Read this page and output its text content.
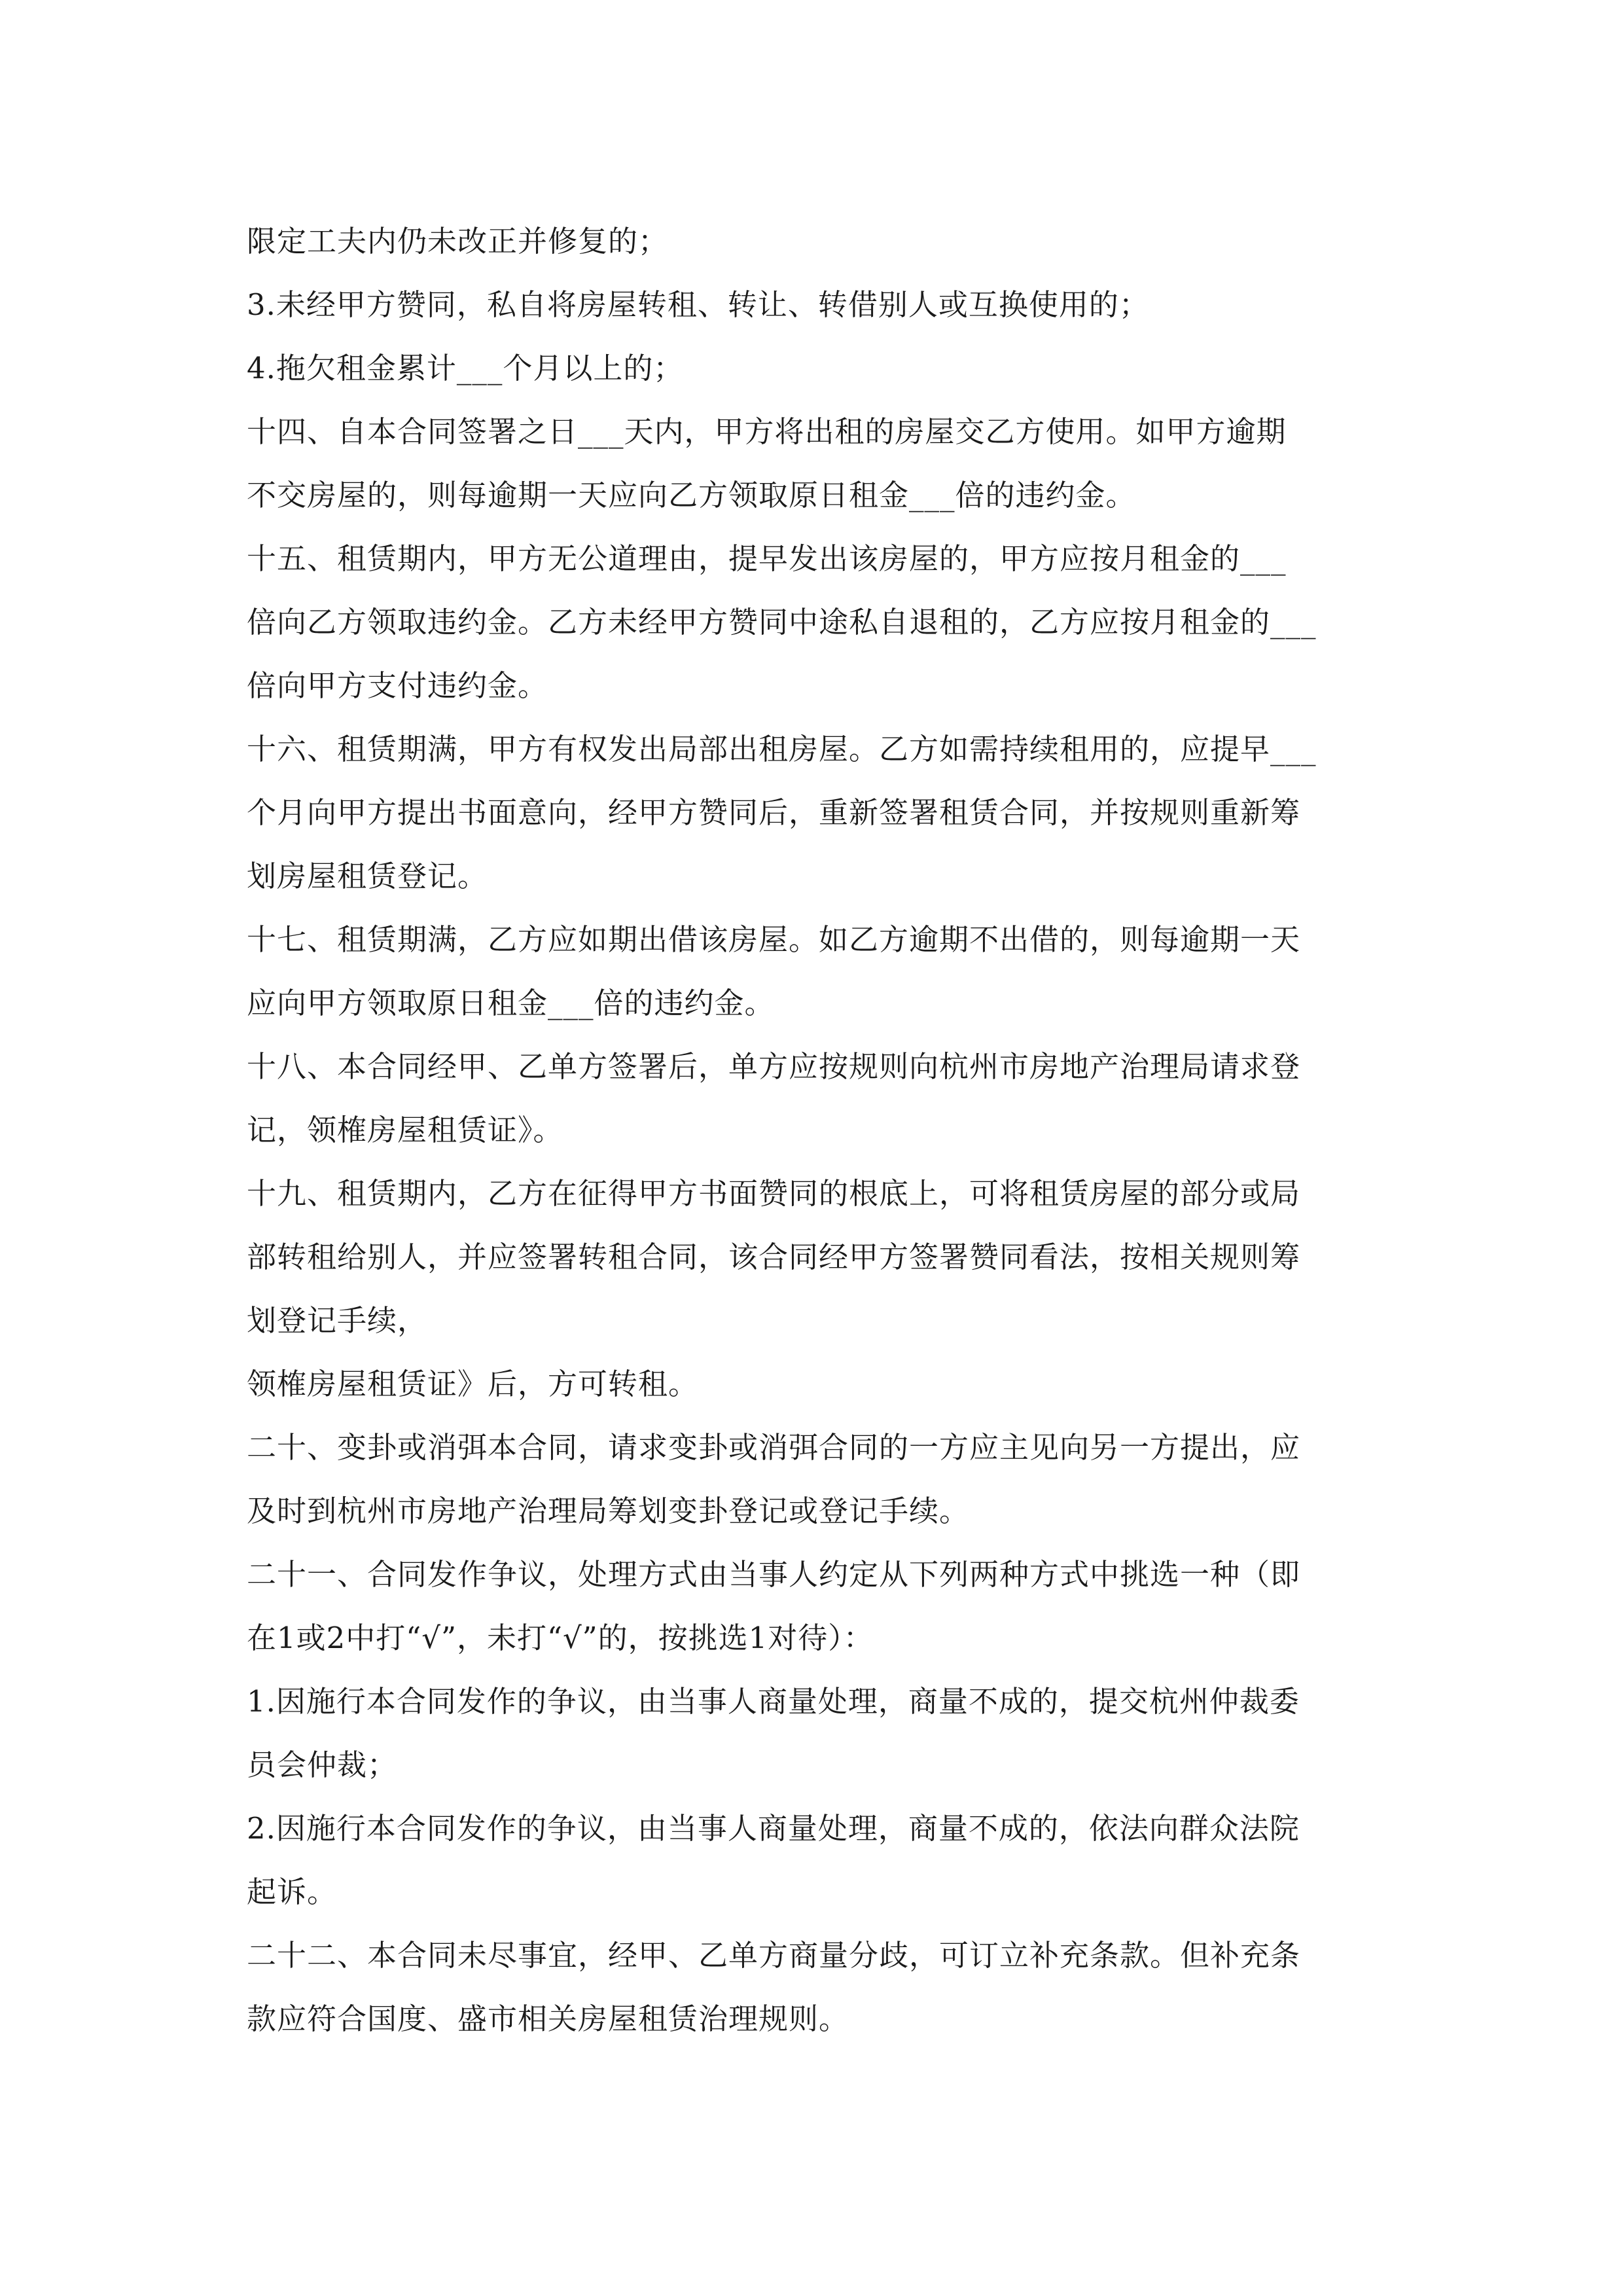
限定工夫内仍未改正并修复的；
3.未经甲方赞同，私自将房屋转租、转让、转借别人或互换使用的；
4.拖欠租金累计___个月以上的；
十四、自本合同签署之日___天内，甲方将出租的房屋交乙方使用。如甲方逾期
不交房屋的，则每逾期一天应向乙方领取原日租金___倍的违约金。
十五、租赁期内，甲方无公道理由，提早发出该房屋的，甲方应按月租金的___
倍向乙方领取违约金。乙方未经甲方赞同中途私自退租的，乙方应按月租金的___
倍向甲方支付违约金。
十六、租赁期满，甲方有权发出局部出租房屋。乙方如需持续租用的，应提早___
个月向甲方提出书面意向，经甲方赞同后，重新签署租赁合同，并按规则重新筹
划房屋租赁登记。
十七、租赁期满，乙方应如期出借该房屋。如乙方逾期不出借的，则每逾期一天
应向甲方领取原日租金___倍的违约金。
十八、本合同经甲、乙单方签署后，单方应按规则向杭州市房地产治理局请求登
记，领榷房屋租赁证》。
十九、租赁期内，乙方在征得甲方书面赞同的根底上，可将租赁房屋的部分或局
部转租给别人，并应签署转租合同，该合同经甲方签署赞同看法，按相关规则筹
划登记手续，
领榷房屋租赁证》后，方可转租。
二十、变卦或消弭本合同，请求变卦或消弭合同的一方应主见向另一方提出，应
及时到杭州市房地产治理局筹划变卦登记或登记手续。
二十一、合同发作争议，处理方式由当事人约定从下列两种方式中挑选一种（即
在1或2中打“√”，未打“√”的，按挑选1对待）：
1.因施行本合同发作的争议，由当事人商量处理，商量不成的，提交杭州仲裁委
员会仲裁；
2.因施行本合同发作的争议，由当事人商量处理，商量不成的，依法向群众法院
起诉。
二十二、本合同未尽事宜，经甲、乙单方商量分歧，可订立补充条款。但补充条
款应符合国度、盛市相关房屋租赁治理规则。
